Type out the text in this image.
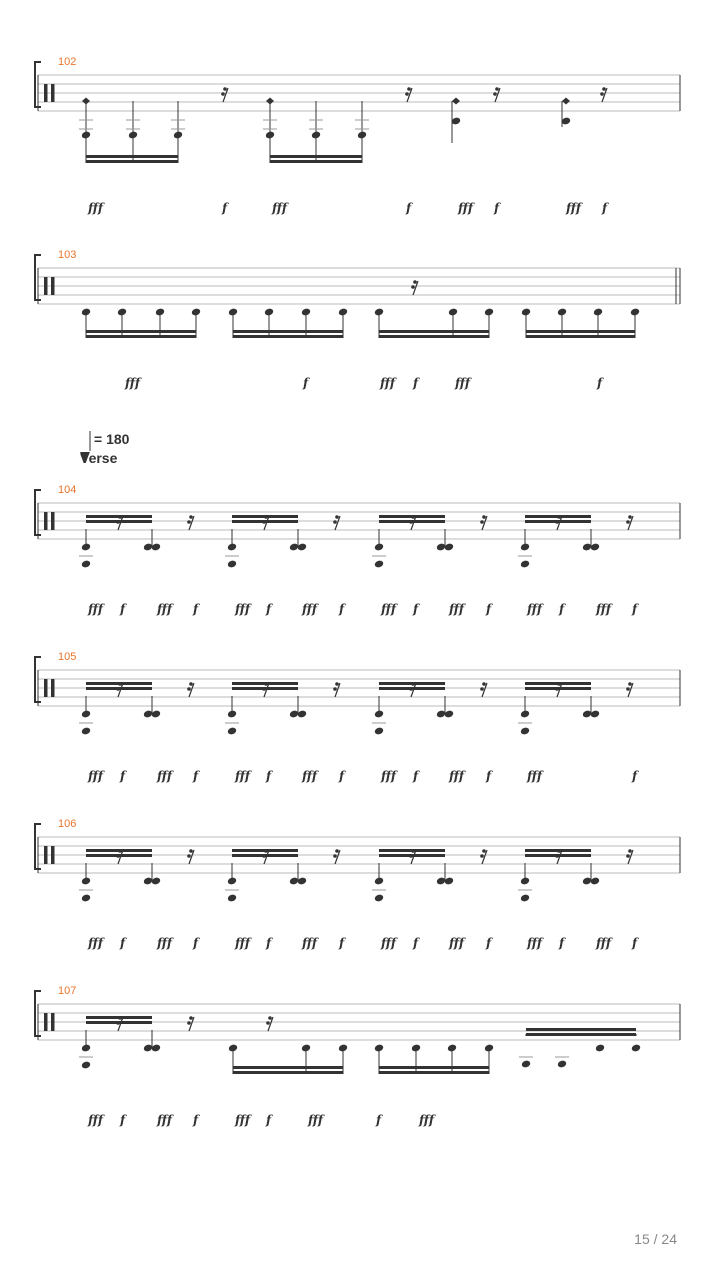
102
103
104
105
106
107
= 180
Verse
fff	f	fff	f	fff f	fff f
fff	f	fff f	fff	f
fff f	fff f	fff f	fff f	fff f	fff f	fff f	fff f
fff f	fff f	fff f	fff f	fff f	fff f	fff	f
fff f	fff f	fff f	fff f	fff f	fff f	fff f	fff f
fff f	fff f	fff f	fff	f	fff
15 / 24
